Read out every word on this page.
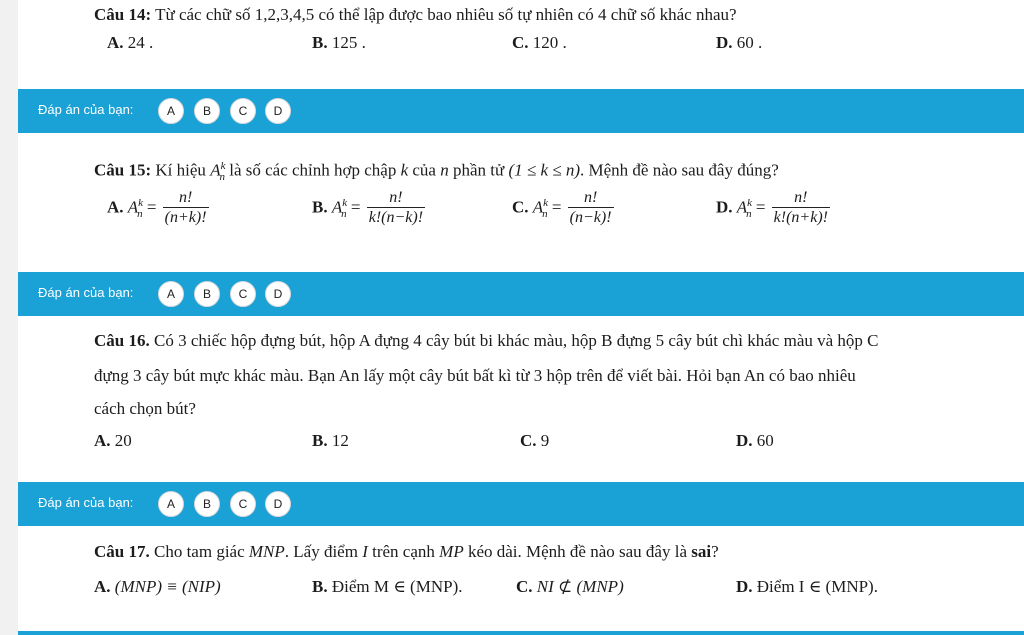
Câu 14: Từ các chữ số 1,2,3,4,5 có thể lập được bao nhiêu số tự nhiên có 4 chữ số khác nhau?
A. 24 .	B. 125 .	C. 120 .	D. 60 .
Đáp án của bạn:	A	B	C	D
Câu 15: Kí hiệu $A^k_n$ là số các chỉnh hợp chập k của n phần tử (1 ≤ k ≤ n). Mệnh đề nào sau đây đúng?
A. $A^k_n = \frac{n!}{(n+k)!}$	B. $A^k_n = \frac{n!}{k!(n-k)!}$	C. $A^k_n = \frac{n!}{(n-k)!}$	D. $A^k_n = \frac{n!}{k!(n+k)!}$
Đáp án của bạn:	A	B	C	D
Câu 16. Có 3 chiếc hộp đựng bút, hộp A đựng 4 cây bút bi khác màu, hộp B đựng 5 cây bút chì khác màu và hộp C
đựng 3 cây bút mực khác màu. Bạn An lấy một cây bút bất kì từ 3 hộp trên để viết bài. Hỏi bạn An có bao nhiêu
cách chọn bút?
A. 20	B. 12	C. 9	D. 60
Đáp án của bạn:	A	B	C	D
Câu 17. Cho tam giác MNP. Lấy điểm I trên cạnh MP kéo dài. Mệnh đề nào sau đây là sai?
A. (MNP) ≡ (NIP)	B. Điểm M ∈ (MNP).	C. NI ⊄ (MNP)	D. Điểm I ∈ (MNP).
